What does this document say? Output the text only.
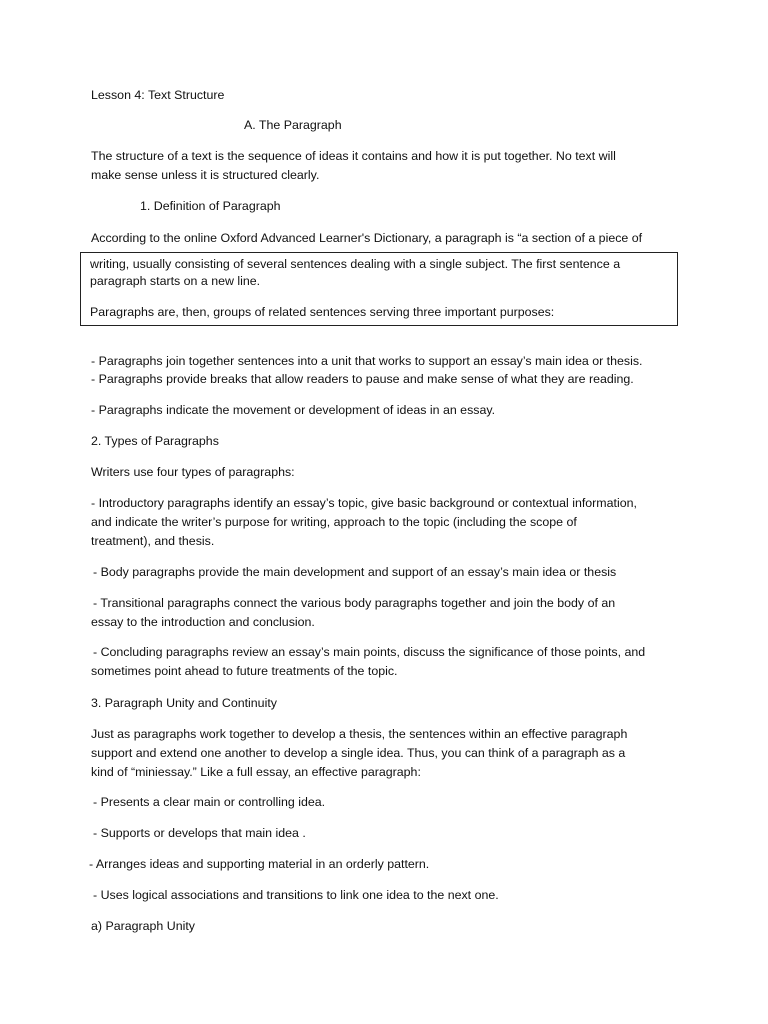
Lesson 4: Text Structure

A. The Paragraph

The structure of a text is the sequence of ideas it contains and how it is put together. No text will

make sense unless it is structured clearly.

1. Definition of Paragraph

According to the online Oxford Advanced Learner's Dictionary, a paragraph is “a section of a piece of

writing, usually consisting of several sentences dealing with a single subject. The first sentence a
paragraph starts on a new line.
Paragraphs are, then, groups of related sentences serving three important purposes:

- Paragraphs join together sentences into a unit that works to support an essay’s main idea or thesis.

- Paragraphs provide breaks that allow readers to pause and make sense of what they are reading.

- Paragraphs indicate the movement or development of ideas in an essay.

2. Types of Paragraphs

Writers use four types of paragraphs:

- Introductory paragraphs identify an essay’s topic, give basic background or contextual information,

and indicate the writer’s purpose for writing, approach to the topic (including the scope of

treatment), and thesis.

- Body paragraphs provide the main development and support of an essay’s main idea or thesis

- Transitional paragraphs connect the various body paragraphs together and join the body of an

essay to the introduction and conclusion.

- Concluding paragraphs review an essay’s main points, discuss the significance of those points, and

sometimes point ahead to future treatments of the topic.

3. Paragraph Unity and Continuity

Just as paragraphs work together to develop a thesis, the sentences within an effective paragraph

support and extend one another to develop a single idea. Thus, you can think of a paragraph as a

kind of “miniessay.” Like a full essay, an effective paragraph:

- Presents a clear main or controlling idea.

- Supports or develops that main idea .

- Arranges ideas and supporting material in an orderly pattern.

- Uses logical associations and transitions to link one idea to the next one.

a) Paragraph Unity
